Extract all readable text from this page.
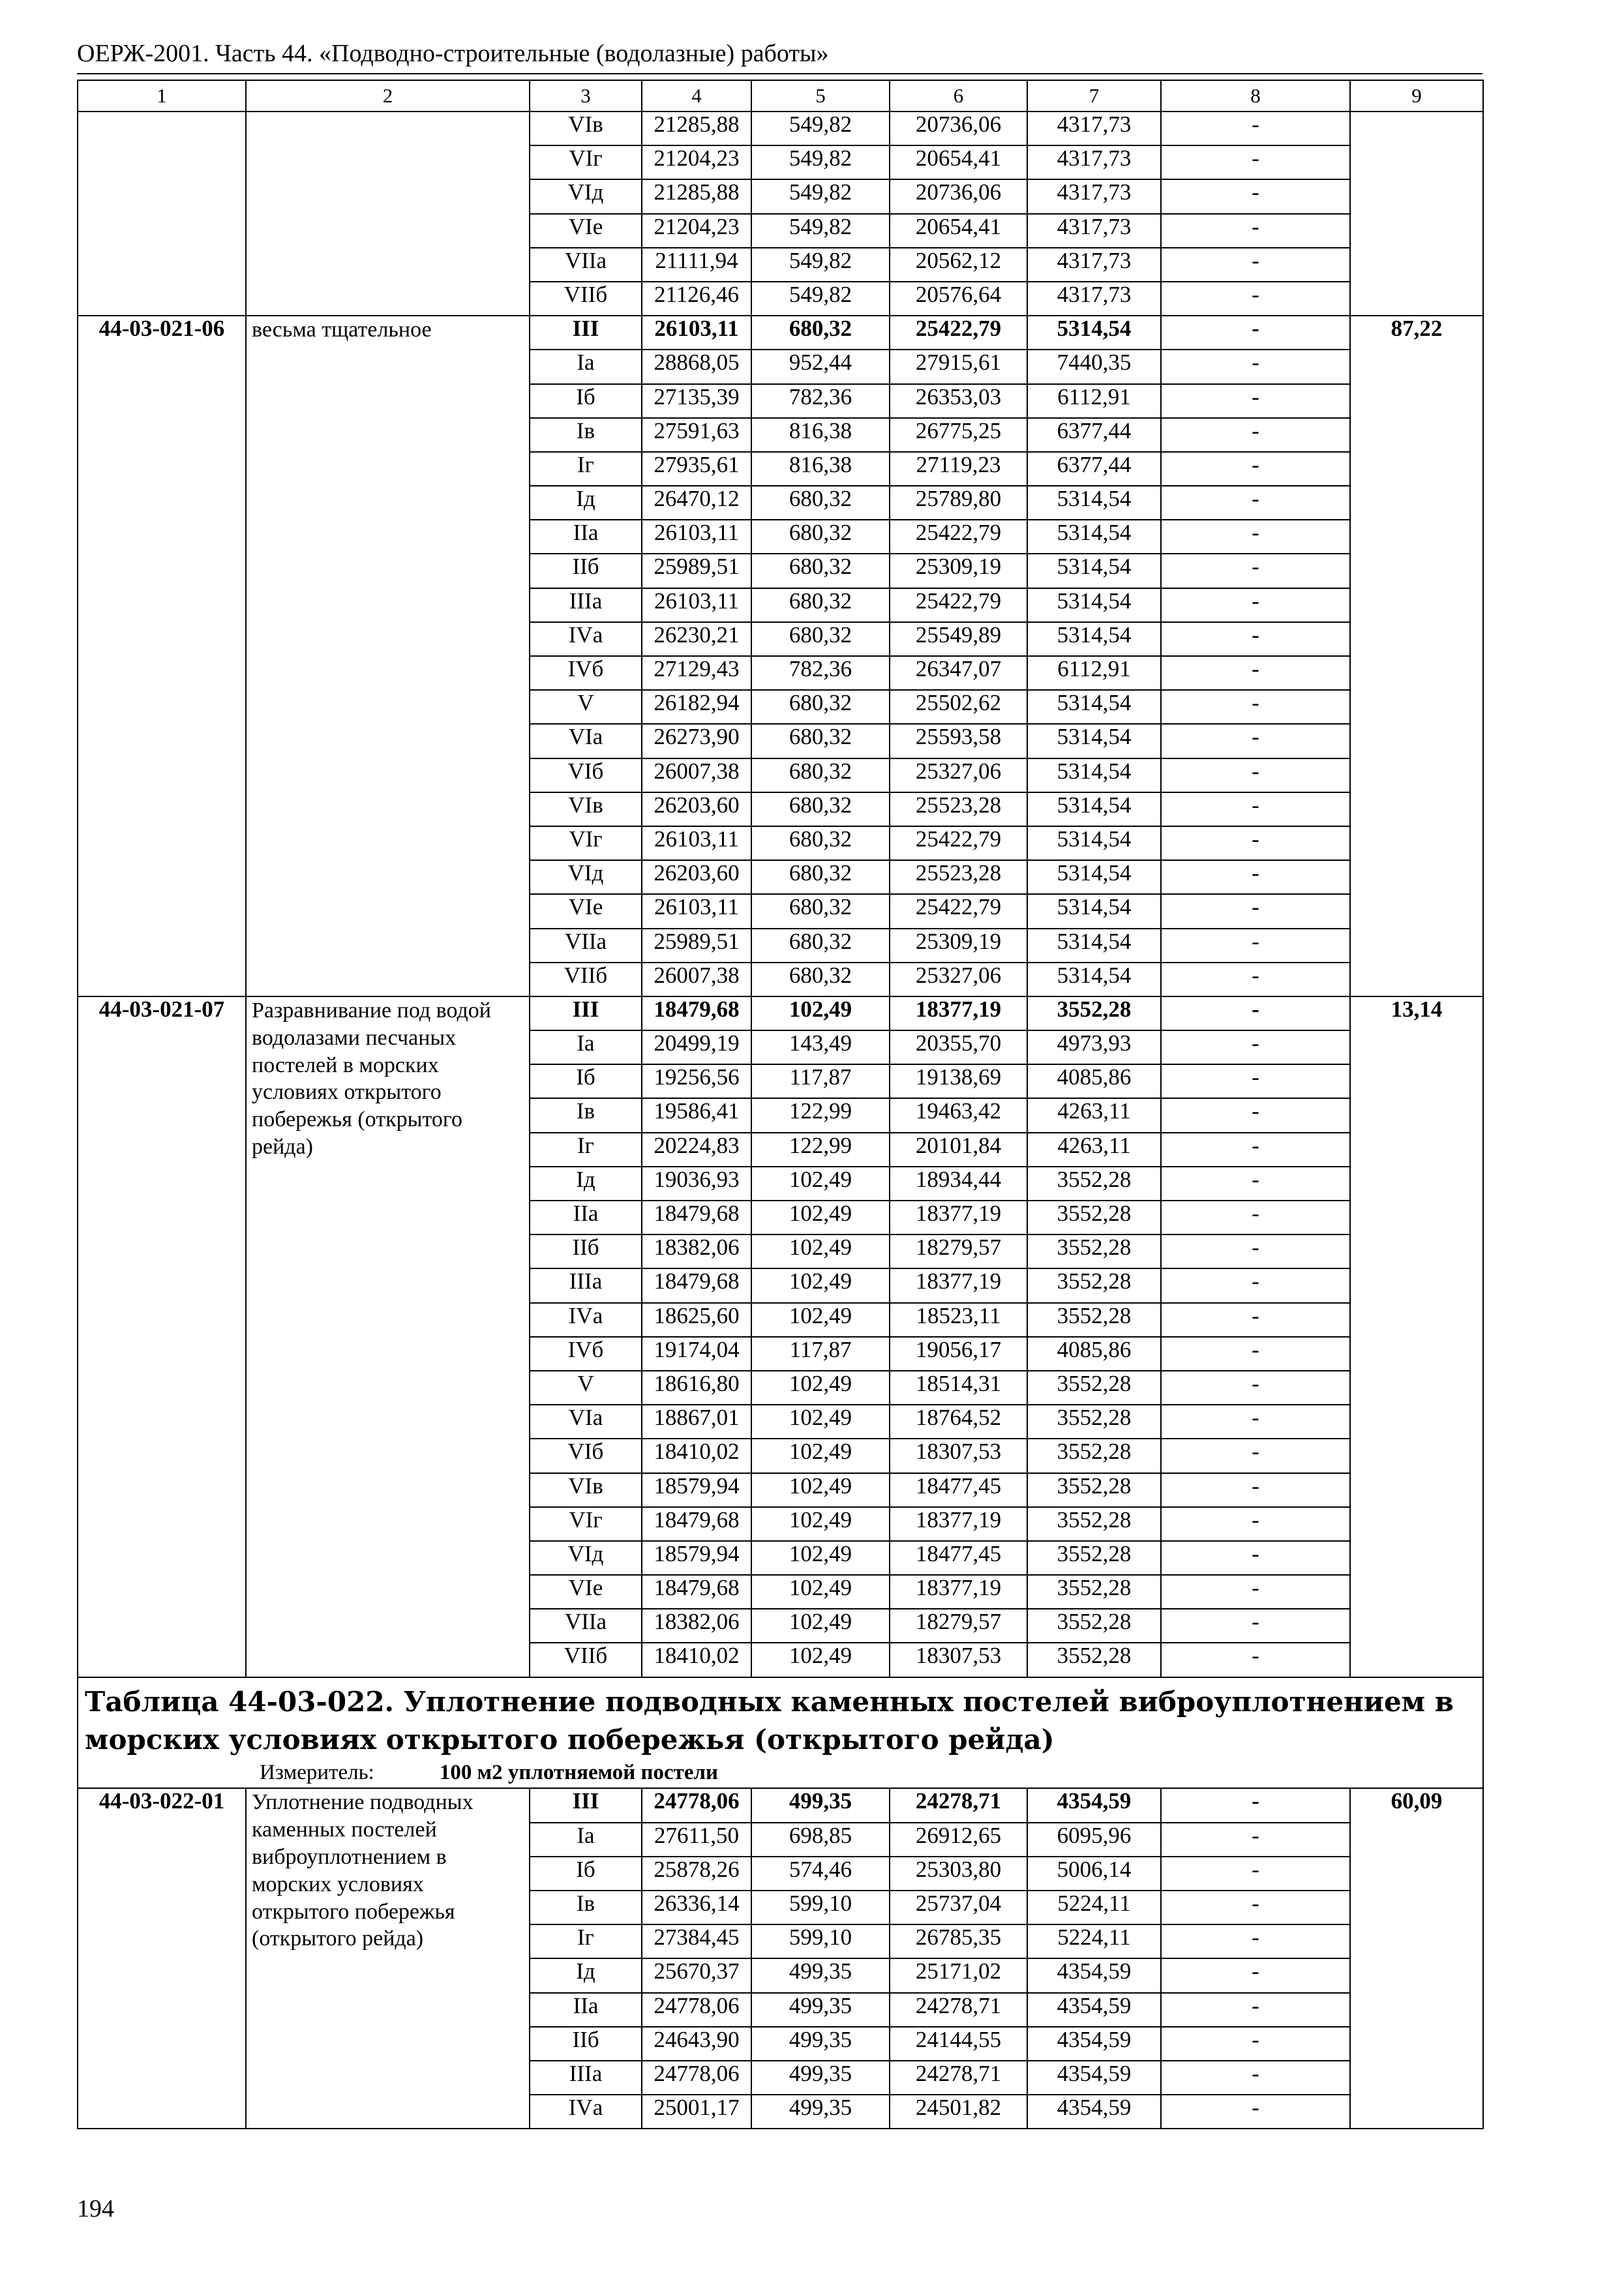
ОЕРЖ-2001. Часть 44. «Подводно-строительные (водолазные) работы»
1	2	3	4	5	6	7	8	9
		VIв	21285,88	549,82	20736,06	4317,73	-	
		VIг	21204,23	549,82	20654,41	4317,73	-	
		VIд	21285,88	549,82	20736,06	4317,73	-	
		VIе	21204,23	549,82	20654,41	4317,73	-	
		VIIа	21111,94	549,82	20562,12	4317,73	-	
		VIIб	21126,46	549,82	20576,64	4317,73	-	
44-03-021-06	весьма тщательное	III	26103,11	680,32	25422,79	5314,54	-	87,22
		Iа	28868,05	952,44	27915,61	7440,35	-	
		Iб	27135,39	782,36	26353,03	6112,91	-	
		Iв	27591,63	816,38	26775,25	6377,44	-	
		Iг	27935,61	816,38	27119,23	6377,44	-	
		Iд	26470,12	680,32	25789,80	5314,54	-	
		IIа	26103,11	680,32	25422,79	5314,54	-	
		IIб	25989,51	680,32	25309,19	5314,54	-	
		IIIа	26103,11	680,32	25422,79	5314,54	-	
		IVа	26230,21	680,32	25549,89	5314,54	-	
		IVб	27129,43	782,36	26347,07	6112,91	-	
		V	26182,94	680,32	25502,62	5314,54	-	
		VIа	26273,90	680,32	25593,58	5314,54	-	
		VIб	26007,38	680,32	25327,06	5314,54	-	
		VIв	26203,60	680,32	25523,28	5314,54	-	
		VIг	26103,11	680,32	25422,79	5314,54	-	
		VIд	26203,60	680,32	25523,28	5314,54	-	
		VIе	26103,11	680,32	25422,79	5314,54	-	
		VIIа	25989,51	680,32	25309,19	5314,54	-	
		VIIб	26007,38	680,32	25327,06	5314,54	-	
44-03-021-07	Разравнивание под водой водолазами песчаных постелей в морских условиях открытого побережья (открытого рейда)	III	18479,68	102,49	18377,19	3552,28	-	13,14
		Iа	20499,19	143,49	20355,70	4973,93	-	
		Iб	19256,56	117,87	19138,69	4085,86	-	
		Iв	19586,41	122,99	19463,42	4263,11	-	
		Iг	20224,83	122,99	20101,84	4263,11	-	
		Iд	19036,93	102,49	18934,44	3552,28	-	
		IIа	18479,68	102,49	18377,19	3552,28	-	
		IIб	18382,06	102,49	18279,57	3552,28	-	
		IIIа	18479,68	102,49	18377,19	3552,28	-	
		IVа	18625,60	102,49	18523,11	3552,28	-	
		IVб	19174,04	117,87	19056,17	4085,86	-	
		V	18616,80	102,49	18514,31	3552,28	-	
		VIа	18867,01	102,49	18764,52	3552,28	-	
		VIб	18410,02	102,49	18307,53	3552,28	-	
		VIв	18579,94	102,49	18477,45	3552,28	-	
		VIг	18479,68	102,49	18377,19	3552,28	-	
		VIд	18579,94	102,49	18477,45	3552,28	-	
		VIе	18479,68	102,49	18377,19	3552,28	-	
		VIIа	18382,06	102,49	18279,57	3552,28	-	
		VIIб	18410,02	102,49	18307,53	3552,28	-	

Таблица 44-03-022. Уплотнение подводных каменных постелей виброуплотнением в морских условиях открытого побережья (открытого рейда)
Измеритель: 100 м2 уплотняемой постели								

44-03-022-01	Уплотнение подводных каменных постелей виброуплотнением в морских условиях открытого побережья (открытого рейда)	III	24778,06	499,35	24278,71	4354,59	-	60,09
		Iа	27611,50	698,85	26912,65	6095,96	-	
		Iб	25878,26	574,46	25303,80	5006,14	-	
		Iв	26336,14	599,10	25737,04	5224,11	-	
		Iг	27384,45	599,10	26785,35	5224,11	-	
		Iд	25670,37	499,35	25171,02	4354,59	-	
		IIа	24778,06	499,35	24278,71	4354,59	-	
		IIб	24643,90	499,35	24144,55	4354,59	-	
		IIIа	24778,06	499,35	24278,71	4354,59	-	
		IVа	25001,17	499,35	24501,82	4354,59	-	
194
